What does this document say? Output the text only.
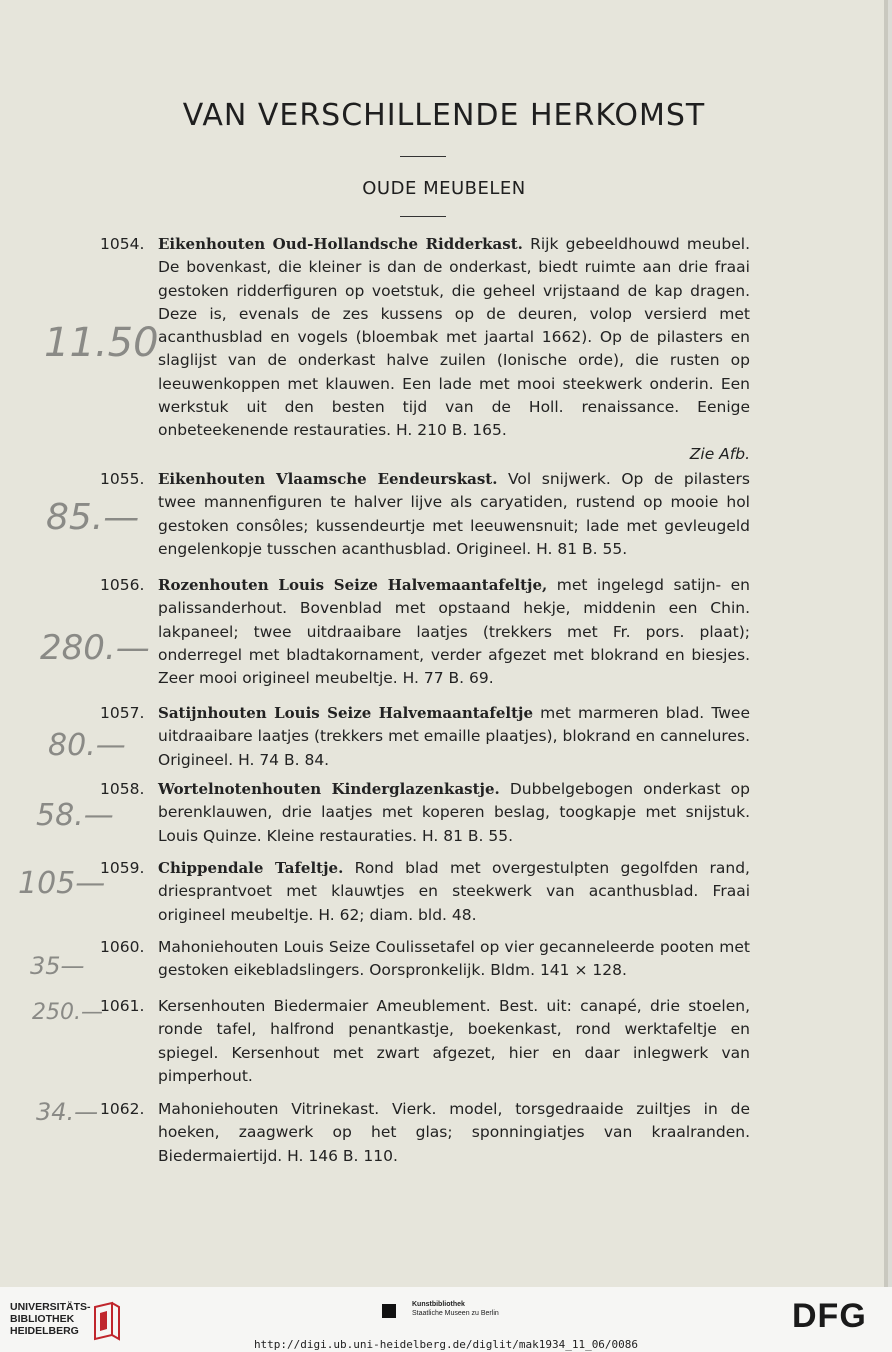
VAN VERSCHILLENDE HERKOMST
OUDE MEUBELEN
1054. Eikenhouten Oud-Hollandsche Ridderkast. Rijk gebeeldhouwd meubel. De bovenkast, die kleiner is dan de onderkast, biedt ruimte aan drie fraai gestoken ridderfiguren op voetstuk, die geheel vrijstaand de kap dragen. Deze is, evenals de zes kussens op de deuren, volop versierd met acanthusblad en vogels (bloembak met jaartal 1662). Op de pilasters en slaglijst van de onderkast halve zuilen (Ionische orde), die rusten op leeuwenkoppen met klauwen. Een lade met mooi steekwerk onderin. Een werkstuk uit den besten tijd van de Holl. renaissance. Eenige onbeteekenende restauraties. H. 210 B. 165.
Zie Afb.
1055. Eikenhouten Vlaamsche Eendeurskast. Vol snijwerk. Op de pilasters twee mannenfiguren te halver lijve als caryatiden, rustend op mooie hol gestoken consôles; kussendeurtje met leeuwensnuit; lade met gevleugeld engelenkopje tusschen acanthusblad. Origineel. H. 81 B. 55.
1056. Rozenhouten Louis Seize Halvemaantafeltje, met ingelegd satijn- en palissanderhout. Bovenblad met opstaand hekje, middenin een Chin. lakpaneel; twee uitdraaibare laatjes (trekkers met Fr. pors. plaat); onderregel met bladtakornament, verder afgezet met blokrand en biesjes. Zeer mooi origineel meubeltje. H. 77 B. 69.
1057. Satijnhouten Louis Seize Halvemaantafeltje met marmeren blad. Twee uitdraaibare laatjes (trekkers met emaille plaatjes), blokrand en cannelures. Origineel. H. 74 B. 84.
1058. Wortelnotenhouten Kinderglazenkastje. Dubbelgebogen onderkast op berenklauwen, drie laatjes met koperen beslag, toogkapje met snijstuk. Louis Quinze. Kleine restauraties. H. 81 B. 55.
1059. Chippendale Tafeltje. Rond blad met overgestulpten gegolfden rand, driesprantvoet met klauwtjes en steekwerk van acanthusblad. Fraai origineel meubeltje. H. 62; diam. bld. 48.
1060. Mahoniehouten Louis Seize Coulissetafel op vier gecanneleerde pooten met gestoken eikebladslingers. Oorspronkelijk. Bldm. 141 × 128.
1061. Kersenhouten Biedermaier Ameublement. Best. uit: canapé, drie stoelen, ronde tafel, halfrond penantkastje, boekenkast, rond werktafeltje en spiegel. Kersenhout met zwart afgezet, hier en daar inlegwerk van pimperhout.
1062. Mahoniehouten Vitrinekast. Vierk. model, torsgedraaide zuiltjes in de hoeken, zaagwerk op het glas; sponningiatjes van kraalranden. Biedermaiertijd. H. 146 B. 110.
11.50
85.—
280.—
80.—
58.—
105—
35—
250.—
34.—
UNIVERSITÄTS-
BIBLIOTHEK
HEIDELBERG
Kunstbibliothek
Staatliche Museen zu Berlin	DFG
http://digi.ub.uni-heidelberg.de/diglit/mak1934_11_06/0086
